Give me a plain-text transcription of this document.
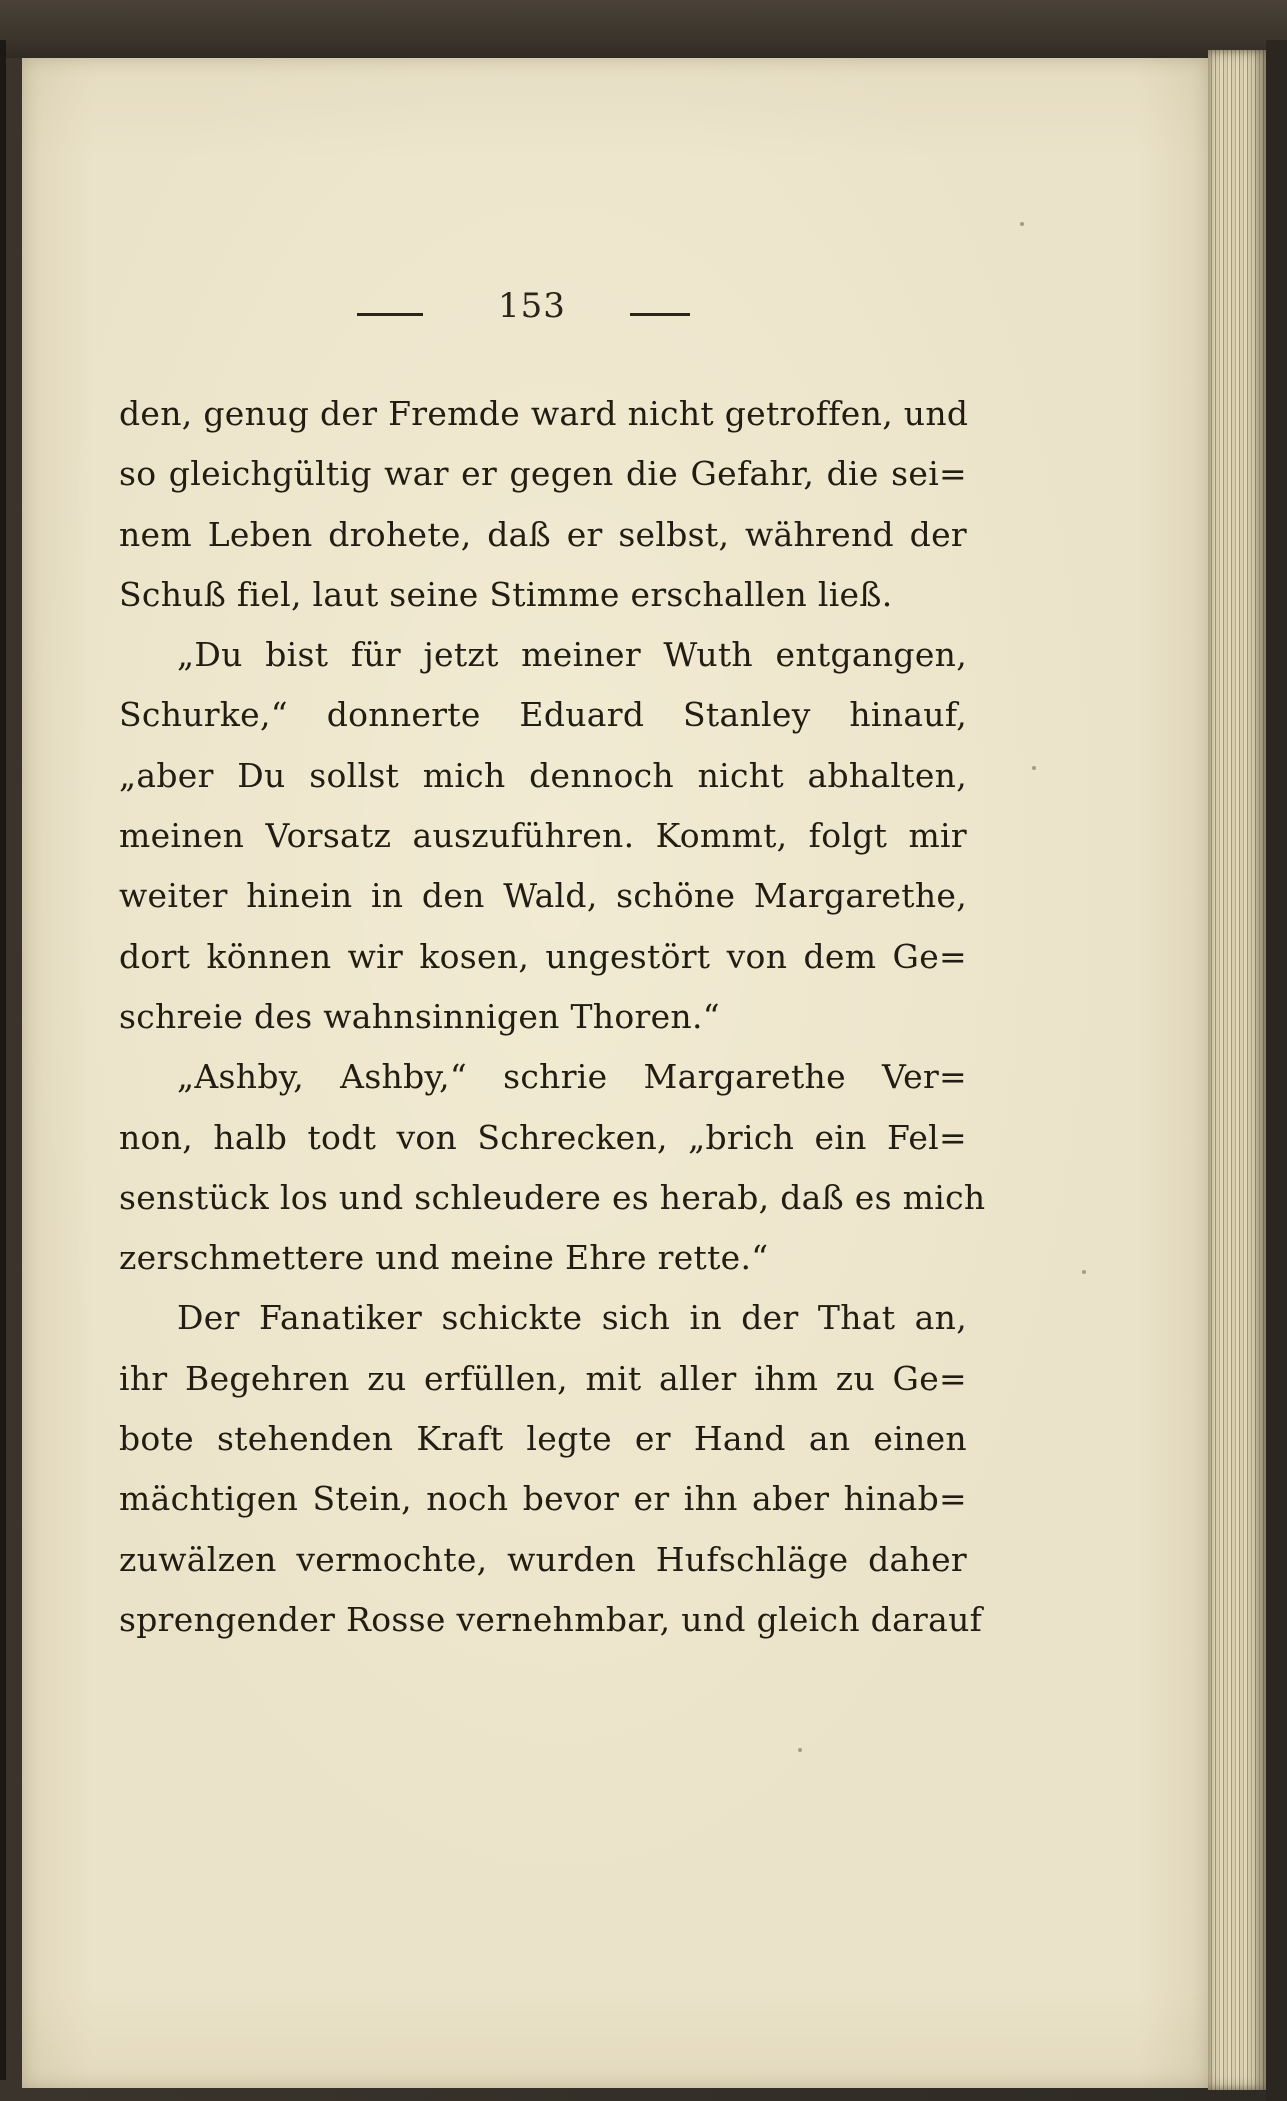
153
den, genug der Fremde ward nicht getroffen, und
so gleichgültig war er gegen die Gefahr, die sei=
nem Leben drohete, daß er selbst, während der
Schuß fiel, laut seine Stimme erschallen ließ.
„Du bist für jetzt meiner Wuth entgangen,
Schurke,“ donnerte Eduard Stanley hinauf,
„aber Du sollst mich dennoch nicht abhalten,
meinen Vorsatz auszuführen. Kommt, folgt mir
weiter hinein in den Wald, schöne Margarethe,
dort können wir kosen, ungestört von dem Ge=
schreie des wahnsinnigen Thoren.“
„Ashby, Ashby,“ schrie Margarethe Ver=
non, halb todt von Schrecken, „brich ein Fel=
senstück los und schleudere es herab, daß es mich
zerschmettere und meine Ehre rette.“
Der Fanatiker schickte sich in der That an,
ihr Begehren zu erfüllen, mit aller ihm zu Ge=
bote stehenden Kraft legte er Hand an einen
mächtigen Stein, noch bevor er ihn aber hinab=
zuwälzen vermochte, wurden Hufschläge daher
sprengender Rosse vernehmbar, und gleich darauf
